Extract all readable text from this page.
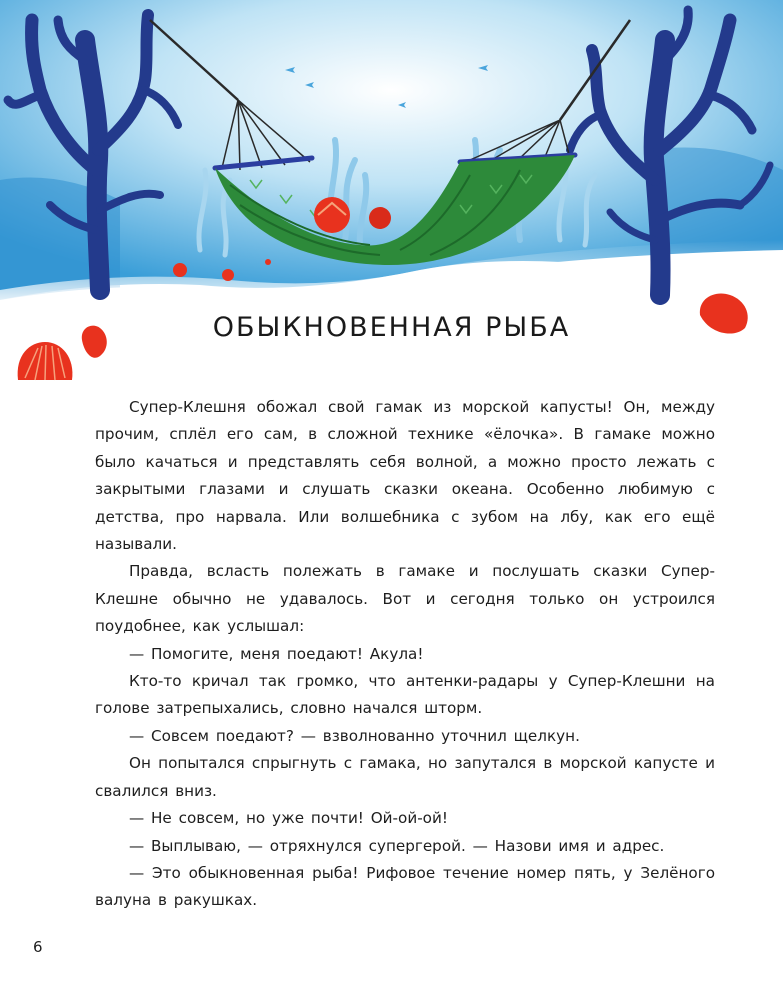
ОБЫКНОВЕННАЯ РЫБА

Супер-Клешня обожал свой гамак из морской капусты! Он, между прочим, сплёл его сам, в сложной технике «ёлочка». В гамаке можно было качаться и представлять себя волной, а можно просто лежать с закрытыми глазами и слушать сказки океана. Особенно любимую с детства, про нарвала. Или волшебника с зубом на лбу, как его ещё называли.

Правда, всласть полежать в гамаке и послушать сказки Супер-Клешне обычно не удавалось. Вот и сегодня только он устроился поудобнее, как услышал:

— Помогите, меня поедают! Акула!

Кто-то кричал так громко, что антенки-радары у Супер-Клешни на голове затрепыхались, словно начался шторм.

— Совсем поедают? — взволнованно уточнил щелкун.

Он попытался спрыгнуть с гамака, но запутался в морской капусте и свалился вниз.

— Не совсем, но уже почти! Ой-ой-ой!

— Выплываю, — отряхнулся супергерой. — Назови имя и адрес.

— Это обыкновенная рыба! Рифовое течение номер пять, у Зелёного валуна в ракушках.

6
